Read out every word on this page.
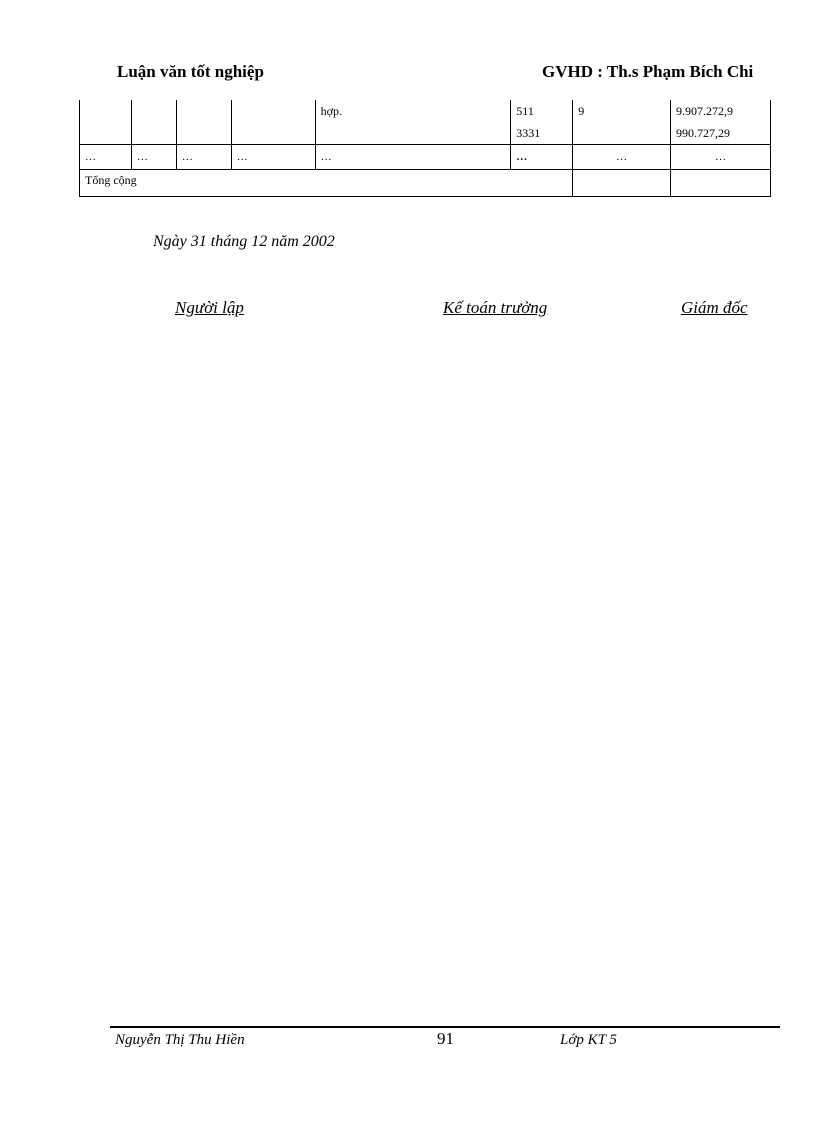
Luận văn tốt nghiệp	GVHD : Th.s Phạm Bích Chi
				hợp.	511	9	9.907.272,9
					3331		990.727,29
…	…	…	…	…	…	…	…
Tổng cộng							
Ngày 31 tháng 12 năm 2002
Người lập	Kế toán trưởng	Giám đốc
Nguyễn Thị Thu Hiền	91	Lớp KT 5
